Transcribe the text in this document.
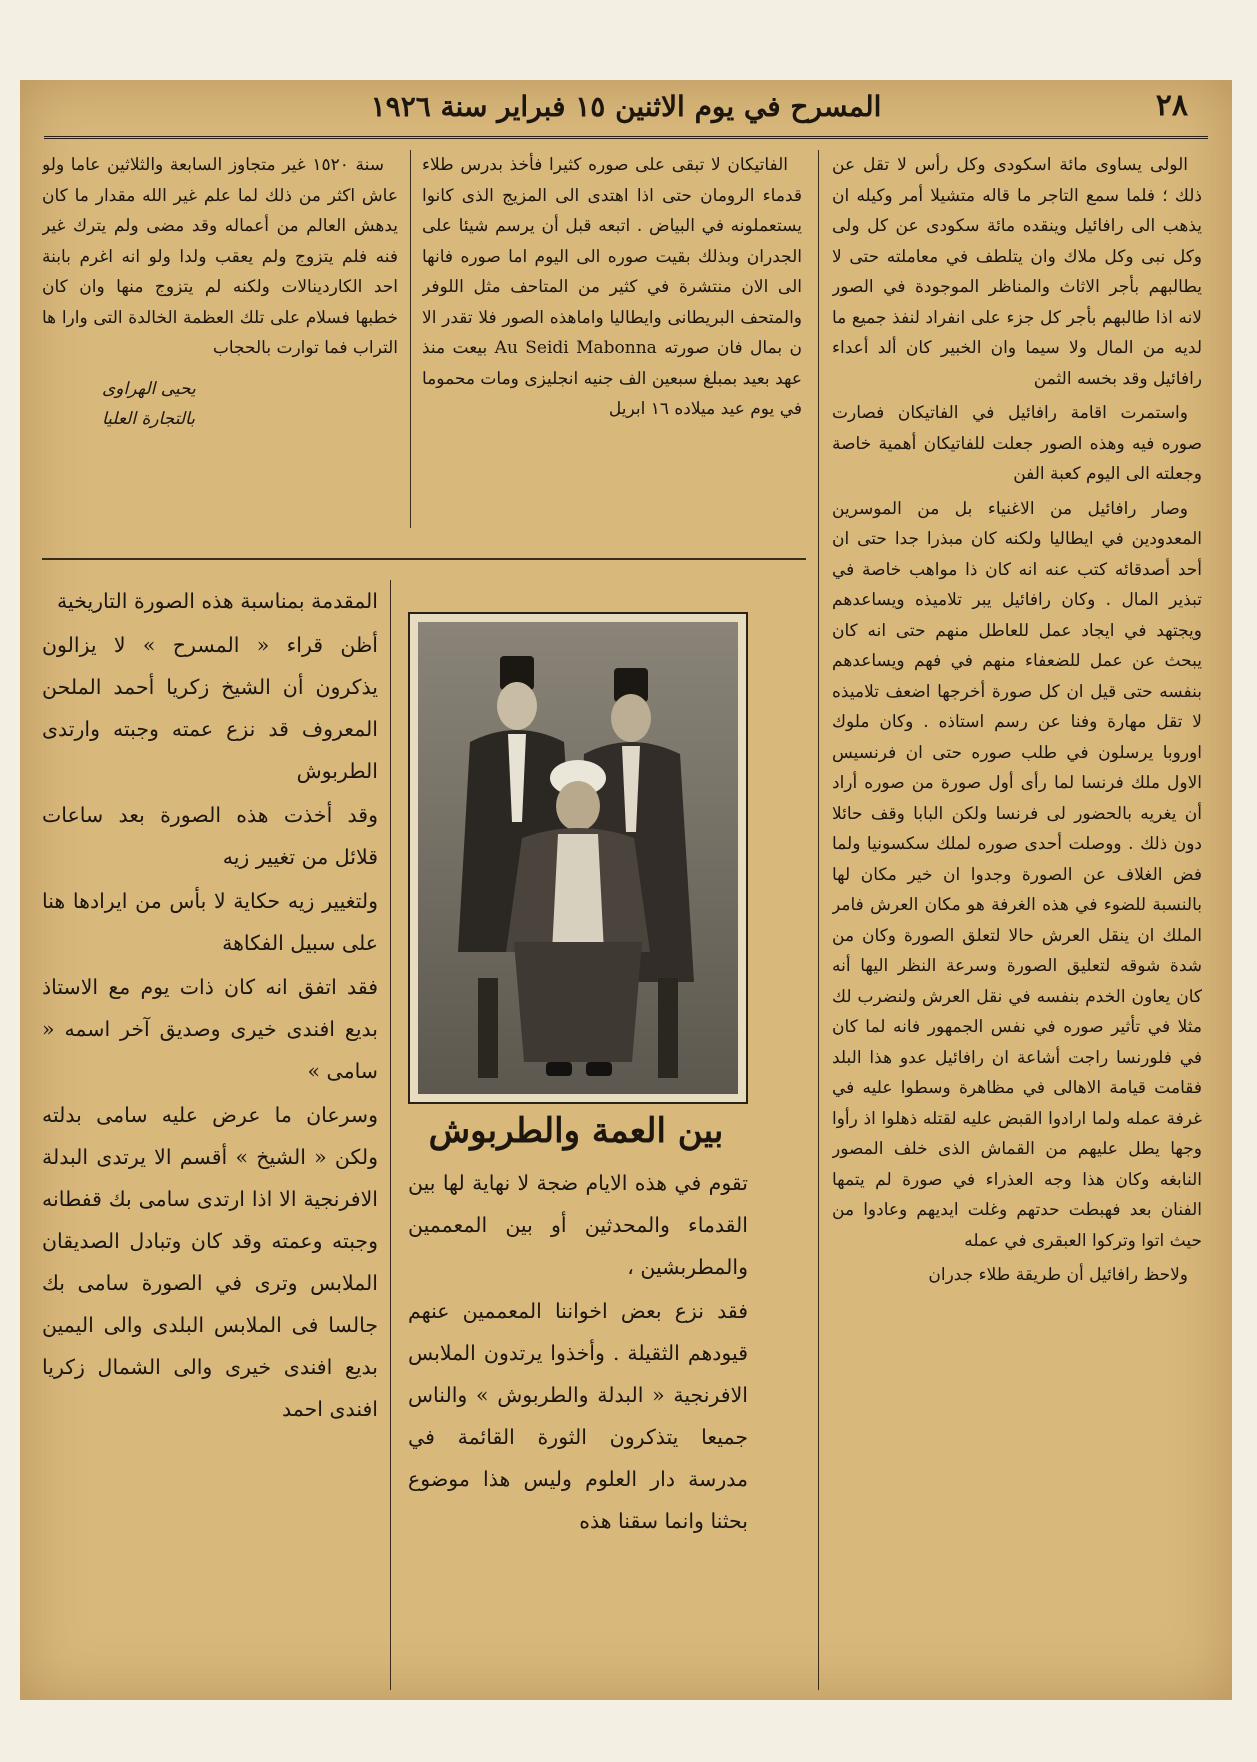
٢٨
المسرح في يوم الاثنين ١٥ فبراير سنة ١٩٢٦

الولى يساوى مائة اسكودى وكل رأس لا تقل عن ذلك ؛ فلما سمع التاجر ما قاله متشيلا أمر وكيله ان يذهب الى رافائيل وينقده مائة سكودى عن كل ولى وكل نبى وكل ملاك وان يتلطف في معاملته حتى لا يطالبهم بأجر الاثاث والمناظر الموجودة في الصور لانه اذا طالبهم بأجر كل جزء على انفراد لنفذ جميع ما لديه من المال ولا سيما وان الخبير كان ألد أعداء رافائيل وقد بخسه الثمن

واستمرت اقامة رافائيل في الفاتيكان فصارت صوره فيه وهذه الصور جعلت للفاتيكان أهمية خاصة وجعلته الى اليوم كعبة الفن

وصار رافائيل من الاغنياء بل من الموسرين المعدودين في ايطاليا ولكنه كان مبذرا جدا حتى ان أحد أصدقائه كتب عنه انه كان ذا مواهب خاصة في تبذير المال . وكان رافائيل يبر تلاميذه ويساعدهم ويجتهد في ايجاد عمل للعاطل منهم حتى انه كان يبحث عن عمل للضعفاء منهم في فهم ويساعدهم بنفسه حتى قيل ان كل صورة أخرجها اضعف تلاميذه لا تقل مهارة وفنا عن رسم استاذه . وكان ملوك اوروبا يرسلون في طلب صوره حتى ان فرنسيس الاول ملك فرنسا لما رأى أول صورة من صوره أراد أن يغريه بالحضور لى فرنسا ولكن البابا وقف حائلا دون ذلك . ووصلت أحدى صوره لملك سكسونيا ولما فض الغلاف عن الصورة وجدوا ان خير مكان لها بالنسبة للضوء في هذه الغرفة هو مكان العرش فامر الملك ان ينقل العرش حالا لتعلق الصورة وكان من شدة شوقه لتعليق الصورة وسرعة النظر اليها أنه كان يعاون الخدم بنفسه في نقل العرش ولنضرب لك مثلا في تأثير صوره في نفس الجمهور فانه لما كان في فلورنسا راجت أشاعة ان رافائيل عدو هذا البلد فقامت قيامة الاهالى في مظاهرة وسطوا عليه في غرفة عمله ولما ارادوا القبض عليه لقتله ذهلوا اذ رأوا وجها يطل عليهم من القماش الذى خلف المصور النابغه وكان هذا وجه العذراء في صورة لم يتمها الفنان بعد فهبطت حدتهم وغلت ايديهم وعادوا من حيث اتوا وتركوا العبقرى في عمله

ولاحظ رافائيل أن طريقة طلاء جدران

الفاتيكان لا تبقى على صوره كثيرا فأخذ بدرس طلاء قدماء الرومان حتى اذا اهتدى الى المزيج الذى كانوا يستعملونه في البياض . اتبعه قبل أن يرسم شيئا على الجدران وبذلك بقيت صوره الى اليوم اما صوره فانها الى الان منتشرة في كثير من المتاحف مثل اللوفر والمتحف البريطانى وايطاليا واماهذه الصور فلا تقدر الا ن بمال فان صورته Au Seidi Mabonna بيعت منذ عهد بعيد بمبلغ سبعين الف جنيه انجليزى ومات محموما في يوم عيد ميلاده ١٦ ابريل

سنة ١٥٢٠ غير متجاوز السابعة والثلاثين عاما ولو عاش اكثر من ذلك لما علم غير الله مقدار ما كان يدهش العالم من أعماله وقد مضى ولم يترك غير فنه فلم يتزوج ولم يعقب ولدا ولو انه اغرم بابنة احد الكاردينالات ولكنه لم يتزوج منها وان كان خطبها فسلام على تلك العظمة الخالدة التى وارا ها التراب فما توارت بالحجاب

يحيى الهراوى
بالتجارة العليا
بين العمة والطربوش

تقوم في هذه الايام ضجة لا نهاية لها بين القدماء والمحدثين أو بين المعممين والمطربشين ،

فقد نزع بعض اخواننا المعممين عنهم قيودهم الثقيلة . وأخذوا يرتدون الملابس الافرنجية « البدلة والطربوش » والناس جميعا يتذكرون الثورة القائمة في مدرسة دار العلوم وليس هذا موضوع بحثنا وانما سقنا هذه

المقدمة بمناسبة هذه الصورة التاريخية

أظن قراء « المسرح » لا يزالون يذكرون أن الشيخ زكريا أحمد الملحن المعروف قد نزع عمته وجبته وارتدى الطربوش

وقد أخذت هذه الصورة بعد ساعات قلائل من تغيير زيه

ولتغيير زيه حكاية لا بأس من ايرادها هنا على سبيل الفكاهة

فقد اتفق انه كان ذات يوم مع الاستاذ بديع افندى خيرى وصديق آخر اسمه « سامى »

وسرعان ما عرض عليه سامى بدلته ولكن « الشيخ » أقسم الا يرتدى البدلة الافرنجية الا اذا ارتدى سامى بك قفطانه وجبته وعمته وقد كان وتبادل الصديقان الملابس وترى في الصورة سامى بك جالسا فى الملابس البلدى والى اليمين بديع افندى خيرى والى الشمال زكريا افندى احمد
